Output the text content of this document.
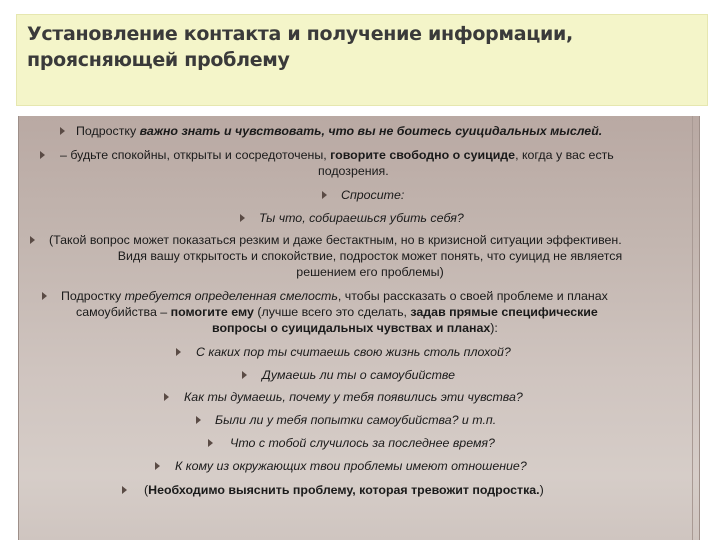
Установление контакта и получение информации,
проясняющей проблему
Подростку важно знать и чувствовать, что вы не боитесь суицидальных мыслей.
– будьте спокойны, открыты и сосредоточены, говорите свободно о суициде, когда у вас есть
подозрения.
Спросите:
Ты что, собираешься убить себя?
(Такой вопрос может показаться резким и даже бестактным, но в кризисной ситуации эффективен.
Видя вашу открытость и спокойствие, подросток может понять, что суицид не является
решением его проблемы)
Подростку требуется определенная смелость, чтобы рассказать о своей проблеме и планах
самоубийства – помогите ему (лучше всего это сделать, задав прямые специфические
вопросы о суицидальных чувствах и планах):
С каких пор ты считаешь свою жизнь столь плохой?
Думаешь ли ты о самоубийстве
Как ты думаешь, почему у тебя появились эти чувства?
Были ли у тебя попытки самоубийства? и т.п.
Что с тобой случилось за последнее время?
К кому из окружающих твои проблемы имеют отношение?
(Необходимо выяснить проблему, которая тревожит подростка.)
